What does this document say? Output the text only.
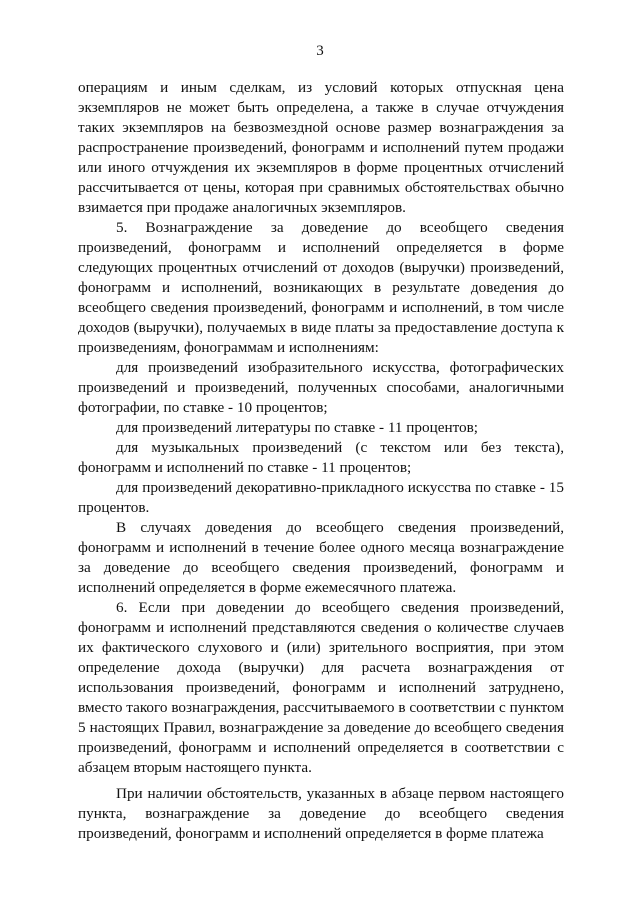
3

операциям и иным сделкам, из условий которых отпускная цена экземпляров не может быть определена, а также в случае отчуждения таких экземпляров на безвозмездной основе размер вознаграждения за распространение произведений, фонограмм и исполнений путем продажи или иного отчуждения их экземпляров в форме процентных отчислений рассчитывается от цены, которая при сравнимых обстоятельствах обычно взимается при продаже аналогичных экземпляров.

5. Вознаграждение за доведение до всеобщего сведения произведений, фонограмм и исполнений определяется в форме следующих процентных отчислений от доходов (выручки) произведений, фонограмм и исполнений, возникающих в результате доведения до всеобщего сведения произведений, фонограмм и исполнений, в том числе доходов (выручки), получаемых в виде платы за предоставление доступа к произведениям, фонограммам и исполнениям:

для произведений изобразительного искусства, фотографических произведений и произведений, полученных способами, аналогичными фотографии, по ставке - 10 процентов;

для произведений литературы по ставке - 11 процентов;

для музыкальных произведений (с текстом или без текста), фонограмм и исполнений по ставке - 11 процентов;

для произведений декоративно-прикладного искусства по ставке - 15 процентов.

В случаях доведения до всеобщего сведения произведений, фонограмм и исполнений в течение более одного месяца вознаграждение за доведение до всеобщего сведения произведений, фонограмм и исполнений определяется в форме ежемесячного платежа.

6. Если при доведении до всеобщего сведения произведений, фонограмм и исполнений представляются сведения о количестве случаев их фактического слухового и (или) зрительного восприятия, при этом определение дохода (выручки) для расчета вознаграждения от использования произведений, фонограмм и исполнений затруднено, вместо такого вознаграждения, рассчитываемого в соответствии с пунктом 5 настоящих Правил, вознаграждение за доведение до всеобщего сведения произведений, фонограмм и исполнений определяется в соответствии с абзацем вторым настоящего пункта.

При наличии обстоятельств, указанных в абзаце первом настоящего пункта, вознаграждение за доведение до всеобщего сведения произведений, фонограмм и исполнений определяется в форме платежа
